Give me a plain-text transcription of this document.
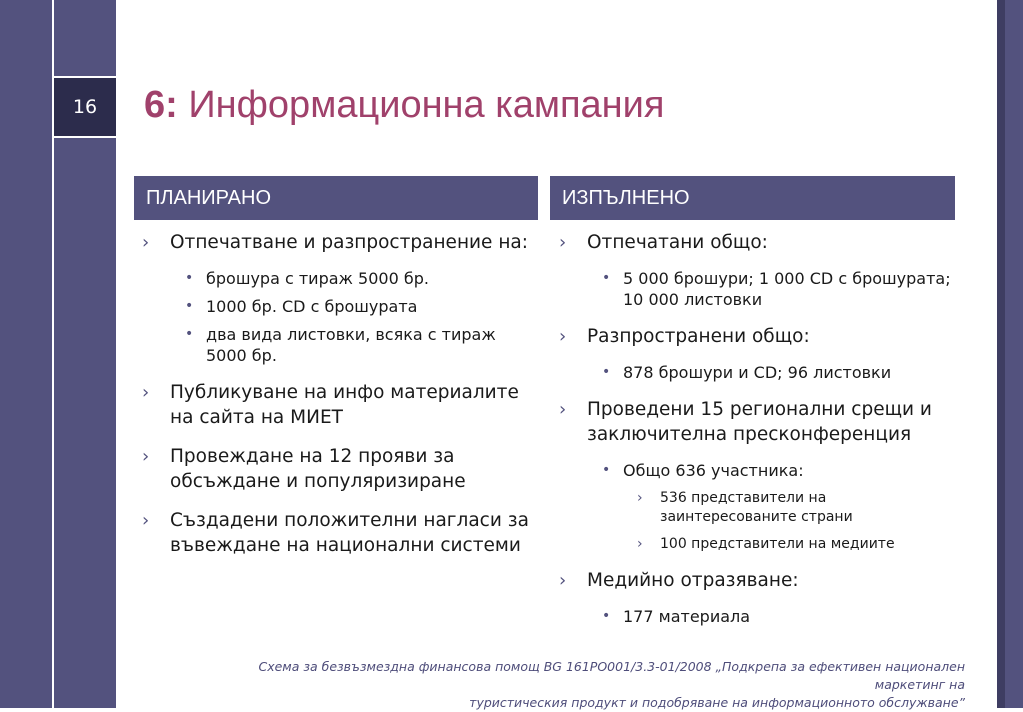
16	6: Информационна кампания
ПЛАНИРАНО	ИЗПЪЛНЕНО
› Отпечатване и разпространение на:
• брошура с тираж 5000 бр.
• 1000 бр. CD с брошурата
• два вида листовки, всяка с тираж 5000 бр.
› Публикуване на инфо материалите на сайта на МИЕТ
› Провеждане на 12 прояви за обсъждане и популяризиране
› Създадени положителни нагласи за въвеждане на национални системи
› Отпечатани общо:
• 5 000 брошури; 1 000 CD с брошурата; 10 000 листовки
› Разпространени общо:
• 878 брошури и CD; 96 листовки
› Проведени 15 регионални срещи и заключителна пресконференция
• Общо 636 участника:
› 536 представители на заинтересованите страни
› 100 представители на медиите
› Медийно отразяване:
• 177 материала
Схема за безвъзмездна финансова помощ BG 161PO001/3.3-01/2008 „Подкрепа за ефективен национален маркетинг на
туристическия продукт и подобряване на информационното обслужване”
